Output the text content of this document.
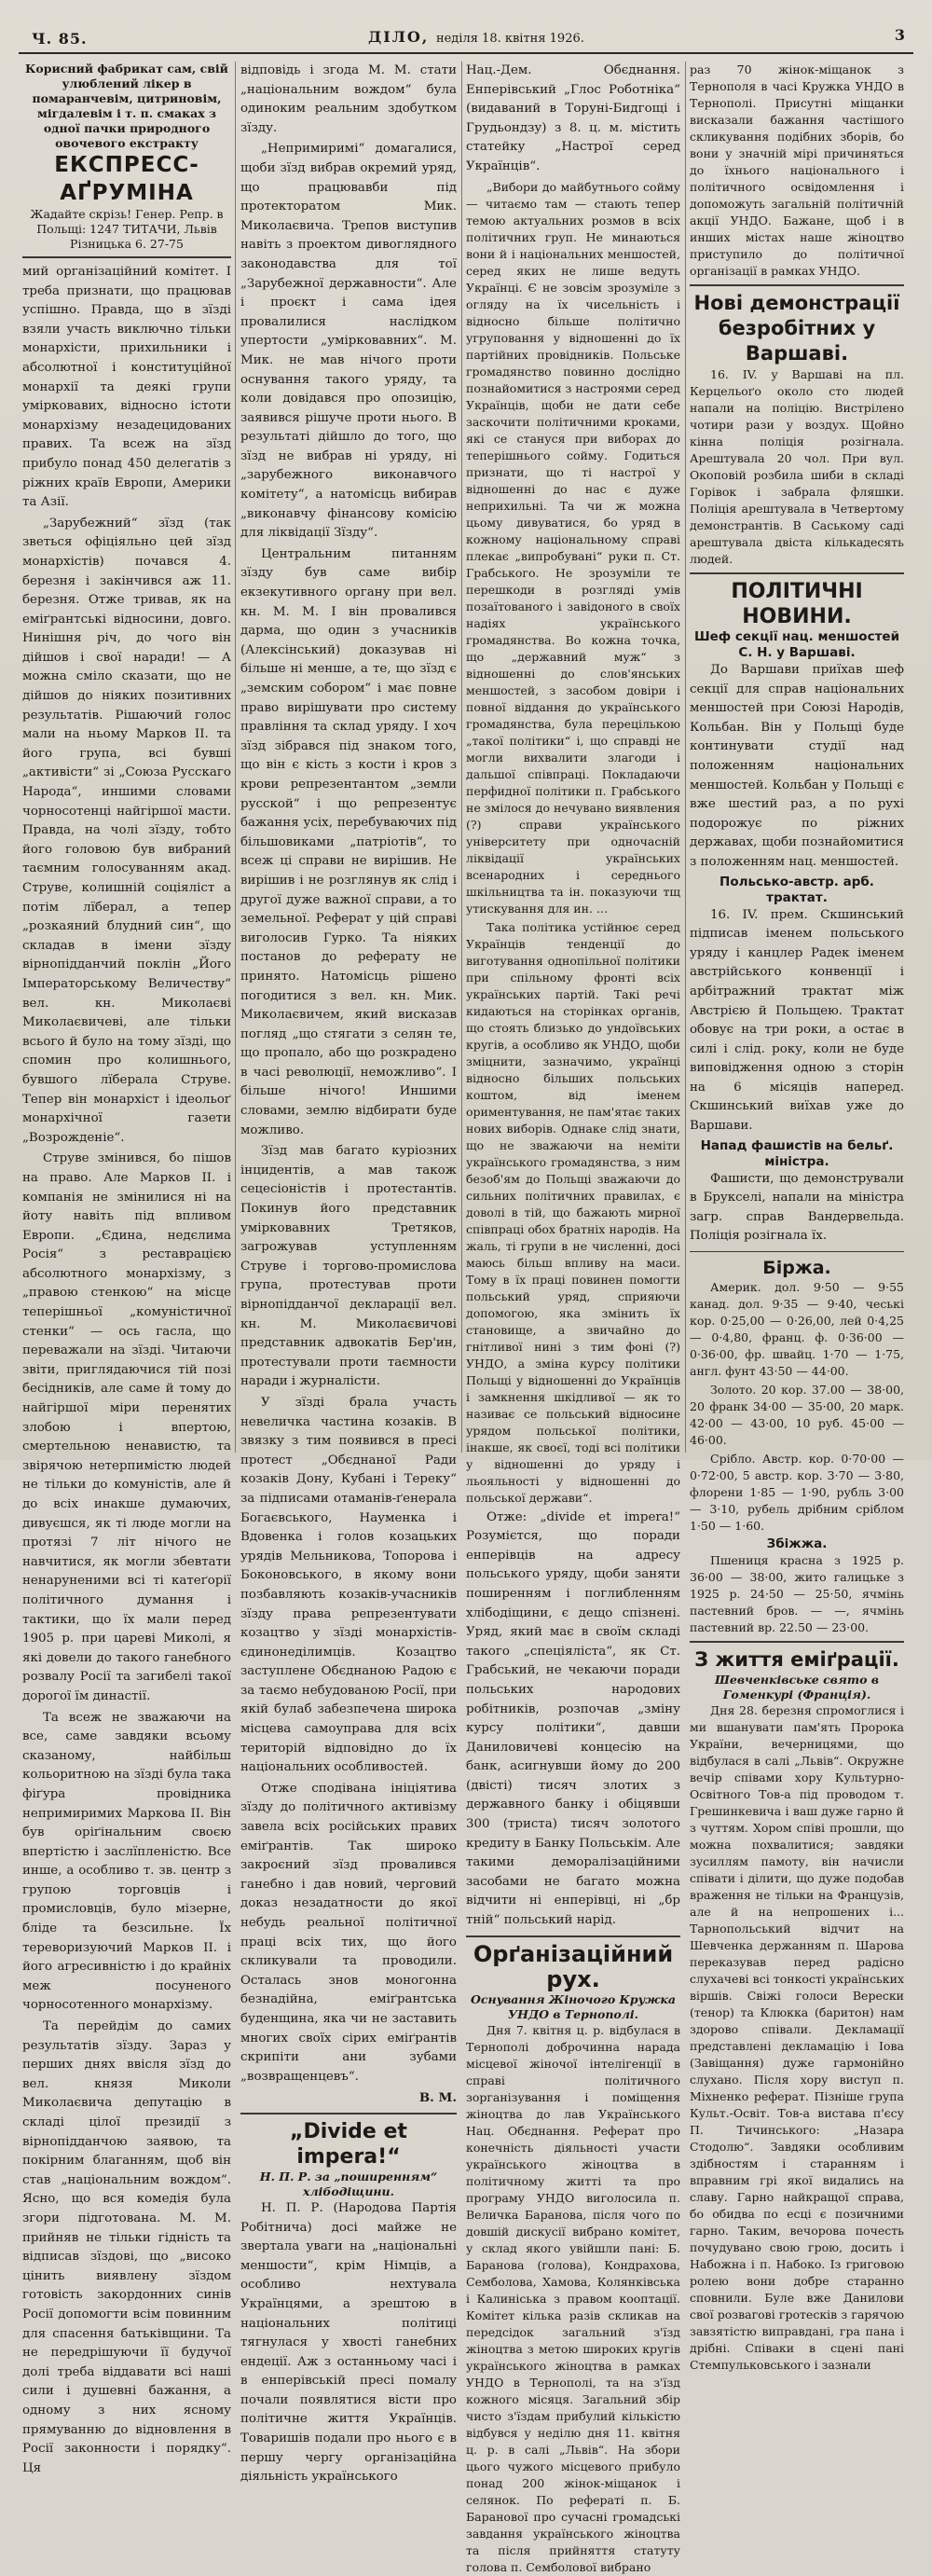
Ч. 85.	ДІЛО, неділя 18. квітня 1926.	3
Корисний фабрикат сам, свій улюблений лікер в помаранчевім, цитриновім, мігдалевім і т. п. смаках з одної пачки природного овочевого екстракту
ЕКСПРЕСС-АҐРУМІНА
Жадайте скрізь! Генер. Репр. в Польщі: 1247 ТИТАЧИ, Львів Різницька 6. 27-75

мий організаційний комітет. І треба признати, що працював успішно. Правда, що в зїзді взяли участь виключно тільки монархісти, прихильники і абсолютної і конституційної монархії та деякі групи умірковавих, відносно істоти монархізму незадецидованих правих. Та всеж на зїзд прибуло понад 450 делегатів з ріжних країв Европи, Америки та Азії.

„Зарубежний“ зїзд (так зветься офіціяльно цей зїзд монархістів) почався 4. березня і закінчився аж 11. березня. Отже тривав, як на еміґрантські відносини, довго. Нинішня річ, до чого він дійшов і свої наради! — А можна сміло сказати, що не дійшов до ніяких позитивних результатів. Рішаючий голос мали на ньому Марков ІІ. та його група, всі бувші „активісти“ зі „Союза Русскаго Народа“, иншими словами чорносотенці найгіршої масти. Правда, на чолі зїзду, тобто його головою був вибраний таємним голосуванням акад. Струве, колишній соціяліст а потім лїберал, а тепер „розкаяний блудний син“, що складав в імени зїзду вірнопідданчий поклін „Його Імператорському Величеству“ вел. кн. Миколаєві Миколаєвичеві, але тільки всього й було на тому зїзді, що спомин про колишнього, бувшого лїберала Струве. Тепер він монархіст і ідеольоґ монархічної газети „Возрожденіе“.

Струве змінився, бо пішов на право. Але Марков ІІ. і компанія не змінилися ні на йоту навіть під впливом Европи. „Єдина, недєлима Росія“ з реставрацією абсолютного монархізму, з „правою стенкою“ на місце теперішньої „комуністичної стенки“ — ось гасла, що переважали на зїзді. Читаючи звіти, приглядаючися тій позі бесідників, але саме й тому до найгіршої міри перенятих злобою і впертою, смертельною ненавистю, та звірячою нетерпимістю людей не тільки до комуністів, але й до всіх инакше думаючих, дивуєшся, як ті люде могли на протязі 7 літ нічого не навчитися, як могли збевтати ненаруненими всі ті катеґорії політичного думання і тактики, що їх мали перед 1905 р. при цареві Миколі, я які довели до такого ганебного розвалу Росії та загибелі такої дорогої їм династії.

Та всеж не зважаючи на все, саме завдяки всьому сказаному, найбільш кольоритною на зїзді була така фіґура провідника непримиримих Маркова ІІ. Він був оріґінальним своєю впертістю і заслїпленістю. Все инше, а особливо т. зв. центр з групою торговців і промисловців, було мізерне, бліде та безсильне. Їх тереворизуючий Марков ІІ. і його агресивністю і до крайніх меж посуненого чорносотенного монархізму.

Та перейдім до самих результатів зїзду. Зараз у перших днях ввісля зїзд до вел. князя Миколи Миколаєвича депутацію в складі цілої президії з вірнопідданчою заявою, та покірним благанням, щоб він став „національним вождом“. Ясно, що вся комедія була згори підготована. М. М. прийняв не тільки гідність та відписав зїздові, що „високо цінить виявлену зїздом готовість закордонних синів Росії допомогти всім повинним для спасення батьківщини. Та не передрішуючи її будучої долі треба віддавати всі наші сили і душевні бажання, а одному з них ясному прямуванню до відновлення в Росії законности і порядку“. Ця

відповідь і згода М. М. стати „національним вождом“ була одиноким реальним здобутком зїзду.

„Непримиримі“ домагалися, щоби зїзд вибрав окремий уряд, що працювавби під протекторатом Мик. Миколаєвича. Трепов виступив навіть з проектом дивоглядного законодавства для тої „Зарубежної державности“. Але і проєкт і сама ідея провалилися наслідком упертости „умірковавних“. М. Мик. не мав нічого проти оснування такого уряду, та коли довідався про опозицію, заявився рішуче проти нього. В результаті дійшло до того, що зїзд не вибрав ні уряду, ні „зарубежного виконавчого комітету“, а натомісць вибирав „виконавчу фінансову комісію для ліквідації Зїзду“.

Центральним питанням зїзду був саме вибір екзекутивного органу при вел. кн. М. М. І він провалився дарма, що один з учасників (Алексінський) доказував ні більше ні менше, а те, що зїзд є „земским собором“ і має повне право вирішувати про систему правління та склад уряду. І хоч зїзд зібрався під знаком того, що він є кість з кости і кров з крови репрезентантом „земли русской“ і що репрезентує бажання усіх, перебуваючих під більшовиками „патріотів“, то всеж ці справи не вирішив. Не вирішив і не розглянув як слід і другої дуже важної справи, а то земельної. Реферат у цій справі виголосив Гурко. Та ніяких постанов до реферату не принято. Натомісць рішено погодитися з вел. кн. Мик. Миколаєвичем, який висказав погляд „що стягати з селян те, що пропало, або що розкрадено в часі революції, неможливо“. І більше нічого! Иншими словами, землю відбирати буде можливо.

Зїзд мав багато куріозних інцидентів, а мав також сецесіоністів і протестантів. Покинув його представник умірковавних Третяков, загрожував уступленням Струве і торгово-промислова група, протестував проти вірнопідданчої декларації вел. кн. М. Миколаєвичові представник адвокатів Бер'ин, протестували проти таємности наради і журналісти.

У зїзді брала участь невеличка частина козаків. В звязку з тим появився в пресі протест „Обєднаної Ради козаків Дону, Кубані і Тереку“ за підписами отаманів-ґенерала Богаєвського, Науменка і Вдовенка і голов козацьких урядів Мельникова, Топорова і Боконовського, в якому вони позбавляють козаків-учасників зїзду права репрезентувати козацтво у зїзді монархістів-єдинонеділимців. Козацтво заступлене Обєднаною Радою є за таємо небудованою Росії, при якій булаб забезпечена широка місцева самоуправа для всіх територій відповідно до їх національних особливостей.

Отже сподівана ініціятива зїзду до політичного активізму завела всіх російських правих еміґрантів. Так широко закроєний зїзд провалився ганебно і дав новий, черговий доказ незадатности до якої небудь реальної політичної праці всіх тих, що його скликували та проводили. Осталась знов моногонна безнадійна, еміґрантська буденщина, яка чи не заставить многих своїх сірих еміґрантів скрипіти ани зубами „возвращенцевъ“.

В. М.
„Divide et impera!“
Н. П. Р. за „поширенням“ хлібодіщини.

Н. П. Р. (Народова Партія Робітнича) досі майже не звертала уваги на „національні меншости“, крім Німців, а особливо нехтувала Українцями, а зрештою в національних політиці тягнулася у хвості ганебних ендеції. Аж з останньому часі і в енперівській пресі помалу почали появлятися вісти про політичне життя Українців. Товаришів подали про нього є в першу чергу організаційна діяльність українського

Нац.-Дем. Обєднання. Енперівський „Глос Роботніка“ (видаваний в Торуні-Бидгощі і Грудьондзу) з 8. ц. м. містить статейку „Настрої серед Українців“.

„Вибори до майбутнього сойму — читаємо там — стають тепер темою актуальних розмов в всіх політичних груп. Не минаються вони й і національних меншостей, серед яких не лише ведуть Українці. Є не зовсім зрозуміле з огляду на їх чисельність і відносно більше політично угруповання у відношенні до їх партійних провідників. Польське громадянство повинно дослідно познайомитися з настроями серед Українців, щоби не дати себе заскочити політичними кроками, які се стануся при виборах до теперішнього сойму. Годиться признати, що ті настрої у відношенні до нас є дуже неприхильні. Та чи ж можна цьому дивуватися, бо уряд в кожному національному справі плекає „випробувані“ руки п. Ст. Грабського. Не зрозуміли те перешкоди в розгляді умів позаїтованого і завідоного в своїх надіях українського громадянства. Во кожна точка, що „державний муж“ з відношенні до слов'янських меншостей, з засобом довіри і повної віддання до українського громадянства, була перецількою „такої політики“ і, що справді не могли вихвалити злагоди і дальшої співпраці. Покладаючи перфидної політики п. Грабського не змілося до нечувано виявления (?) справи українського університету при одночасній ліквідації українських всенародних і середнього шкільництва та ін. показуючи тщ утискування для ин. …

Така політика устійнює серед Українців тенденції до виготування однопільної політики при спільному фронті всіх українських партій. Такі речі кидаються на сторінках органів, що стоять близько до ундоївських кругів, а особливо як УНДО, щоби зміцнити, зазначимо, українці відносно більших польських коштом, від іменем ориментування, не пам'ятає таких нових виборів. Однаке слід знати, що не зважаючи на неміти українського громадянства, з ним безоб'ям до Польщі зважаючи до сильних політичних правилах, є доволі в тій, що бажають мирної співпраці обох братніх народів. На жаль, ті групи в не численні, досі маюсь більш впливу на маси. Тому в їх праці повинен помогти польський уряд, сприяючи допомогою, яка змінить їх становище, а звичайно до гнітливої нині з тим фоні (?) УНДО, а зміна курсу політики Польщі у відношенні до Українців і замкнення шкідливої — як то називає се польський відносине урядом польської політики, інакше, як своєї, тоді всі політики у відношенні до уряду і льояльності у відношенні до польської держави“.

Отже: „divide et impera!“ Розумієтся, що поради енперівців на адресу польського уряду, щоби заняти поширенням і поглибленням хлібодіщини, є дещо спізнені. Уряд, який має в своїм складі такого „спеціяліста“, як Ст. Грабський, не чекаючи поради польських народових робітників, розпочав „зміну курсу політики“, давши Даниловичеві концесію на банк, асигнувши йому до 200 (двісті) тисяч злотих з державного банку і обіцявши 300 (триста) тисяч золотого кредиту в Банку Польськім. Але такими деморалізаційними засобами не багато можна відчити ні енперівці, ні „бр тній“ польський нарід.

Орґанізаційний рух.
Оснування Жіночого Кружка УНДО в Тернополі.

Дня 7. квітня ц. р. відбулася в Тернополі доброчинна нарада місцевої жіночої інтелігенції в справі політичного зорганізування і поміщення жіноцтва до лав Українського Нац. Обєднання. Реферат про конечність діяльності участи українського жіноцтва в політичному житті та про програму УНДО виголосила п. Величка Баранова, після чого по довшій дискусії вибрано комітет, у склад якого увійшли пані: Б. Баранова (голова), Кондрахова, Семболова, Хамова, Колянківська і Калиніська з правом кооптації. Комітет кілька разів скликав на передсідок загальний з'їзд жіноцтва з метою широких кругів українського жіноцтва в рамках УНДО в Тернополі, та на з'їзд кожного місяця. Загальний збір чисто з'їздам прибулий кількістю відбувся у неділю дня 11. квітня ц. р. в салі „Львів“. На збори цього чужого місцевого прибуло понад 200 жінок-міщанок і селянок. По рефераті п. Б. Баранової про сучасні громадські завдання українського жіноцтва та після прийняття статуту голова п. Семболової вибрано

раз 70 жінок-міщанок з Тернополя в часі Кружка УНДО в Тернополі. Присутні міщанки висказали бажання частішого скликування подібних зборів, бо вони у значній мірі причиняться до їхнього національного і політичного освідомлення і допоможуть загальній політичній акції УНДО. Бажане, щоб і в инших містах наше жіноцтво приступило до політичної організації в рамках УНДО.

Нові демонстрації безробітних у Варшаві.

16. IV. у Варшаві на пл. Керцельоґо около сто людей напали на поліцію. Вистрілено чотири рази у воздух. Щойно кінна поліція розігнала. Арештувала 20 чол. При вул. Окоповій розбила шиби в складі Горівок і забрала фляшки. Поліція арештувала в Четвертому демонстрантів. В Саському саді арештувала двіста кількадесять людей.

ПОЛІТИЧНІ НОВИНИ.
Шеф секції нац. меншостей С. Н. у Варшаві.

До Варшави приїхав шеф секції для справ національних меншостей при Союзі Народів, Кольбан. Він у Польщі буде континувати студії над положенням національних меншостей. Кольбан у Польщі є вже шестий раз, а по рухі подорожує по ріжних державах, щоби познайомитися з положенням нац. меншостей.

Польсько-австр. арб. трактат.

16. IV. прем. Скшинський підписав іменем польського уряду і канцлер Радек іменем австрійського конвенції і арбітражний трактат між Австрією й Польщею. Трактат обовує на три роки, а остає в силі і слід. року, коли не буде виповідження одною з сторін на 6 місяців наперед. Скшинський виїхав уже до Варшави.

Напад фашистів на бельґ. міністра.

Фашисти, що демонстрували в Брукселі, напали на міністра загр. справ Вандервельда. Поліція розігнала їх.

Біржа.

Америк. дол. 9·50 — 9·55 канад. дол. 9·35 — 9·40, чеські кор. 0·25,00 — 0·26,00, лей 0·4,25 — 0·4,80, франц. ф. 0·36·00 — 0·36·00, фр. швайц. 1·70 — 1·75, англ. фунт 43·50 — 44·00.

Золото. 20 кор. 37.00 — 38·00, 20 франк 34·00 — 35·00, 20 марк. 42·00 — 43·00, 10 руб. 45·00 — 46·00.

Срібло. Австр. кор. 0·70·00 — 0·72·00, 5 австр. кор. 3·70 — 3·80, флорени 1·85 — 1·90, рубль 3·00 — 3·10, рубель дрібним сріблом 1·50 — 1·60.

Збіжжа.

Пшениця красна з 1925 р. 36·00 — 38·00, жито галицьке з 1925 р. 24·50 — 25·50, ячмінь пастевний бров. — —, ячмінь пастевний вр. 22.50 — 23·00.

З життя еміґрації.
Шевченківське свято в Гоменкурі (Франція).

Дня 28. березня спромоглися і ми вшанувати пам'ять Пророка України, вечерницями, що відбулася в салі „Львів“. Окружне вечір співами хору Культурно-Освітного Тов-а під проводом т. Грешинкевича і ваш дуже гарно й з чуттям. Хором співі прошли, що можна похвалитися; завдяки зусиллям памоту, він начисли співати і ділити, що дуже подобав враження не тільки на Французів, але й на непрошених і... Тарнопольський відчит на Шевченка держанням п. Шарова переказував перед радісно слухачеві всі тонкості українських віршів. Свіжі голоси Верески (тенор) та Клюкка (баритон) нам здорово співали. Декламації представлені декламацію і Іова (Завіщання) дуже гармонійно слухано. Після хору виступ п. Міхненко реферат. Пізніше група Культ.-Освіт. Тов-а вистава п'єсу П. Тичинського: „Назара Стодолю“. Завдяки особливим здібностям і старанням і вправним грі якої видались на славу. Гарно найкращої справа, бо обидва по есці є позичними гарно. Таким, вечорова почесть почудувано свою грою, досить і Набожна і п. Набоко. Із григовою ролею вони добре старанно сповнили. Буле вже Данилови свої розвагові гротесків з гарячою завзятістю виправдані, гра пана і дрібні. Співаки в сцені пані Стемпульковського і зазнали
